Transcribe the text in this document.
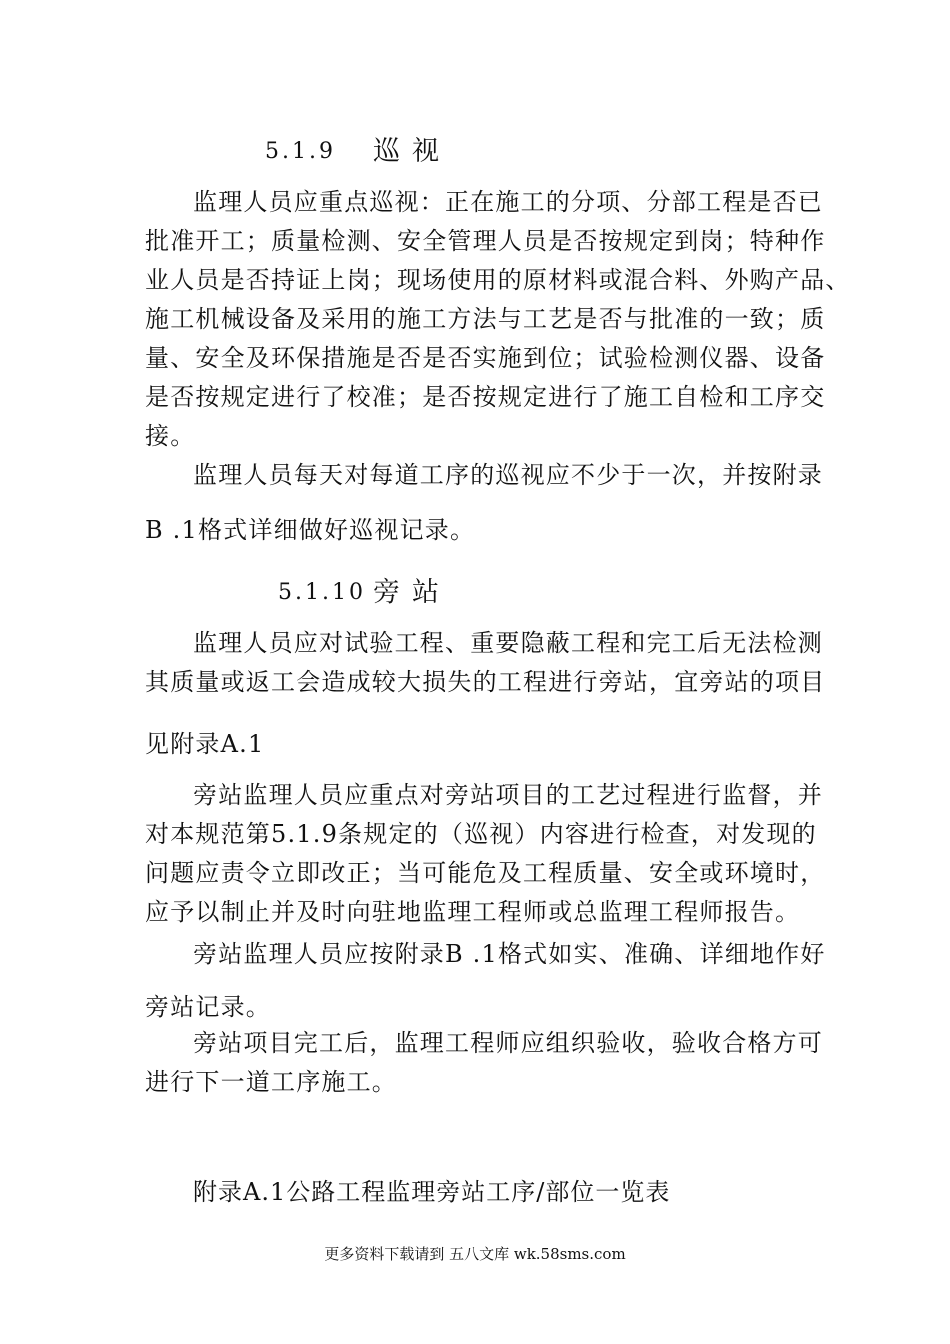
5.1.9 巡视
监理人员应重点巡视：正在施工的分项、分部工程是否已
批准开工；质量检测、安全管理人员是否按规定到岗；特种作
业人员是否持证上岗；现场使用的原材料或混合料、外购产品、
施工机械设备及采用的施工方法与工艺是否与批准的一致；质
量、安全及环保措施是否是否实施到位；试验检测仪器、设备
是否按规定进行了校准；是否按规定进行了施工自检和工序交
接。
监理人员每天对每道工序的巡视应不少于一次，并按附录
B .1格式详细做好巡视记录。
5.1.10 旁站
监理人员应对试验工程、重要隐蔽工程和完工后无法检测
其质量或返工会造成较大损失的工程进行旁站，宜旁站的项目
见附录A.1
旁站监理人员应重点对旁站项目的工艺过程进行监督，并
对本规范第5.1.9条规定的（巡视）内容进行检查，对发现的
问题应责令立即改正；当可能危及工程质量、安全或环境时，
应予以制止并及时向驻地监理工程师或总监理工程师报告。
旁站监理人员应按附录B .1格式如实、准确、详细地作好
旁站记录。
旁站项目完工后，监理工程师应组织验收，验收合格方可
进行下一道工序施工。
附录A.1公路工程监理旁站工序/部位一览表
更多资料下载请到 五八文库 wk.58sms.com
